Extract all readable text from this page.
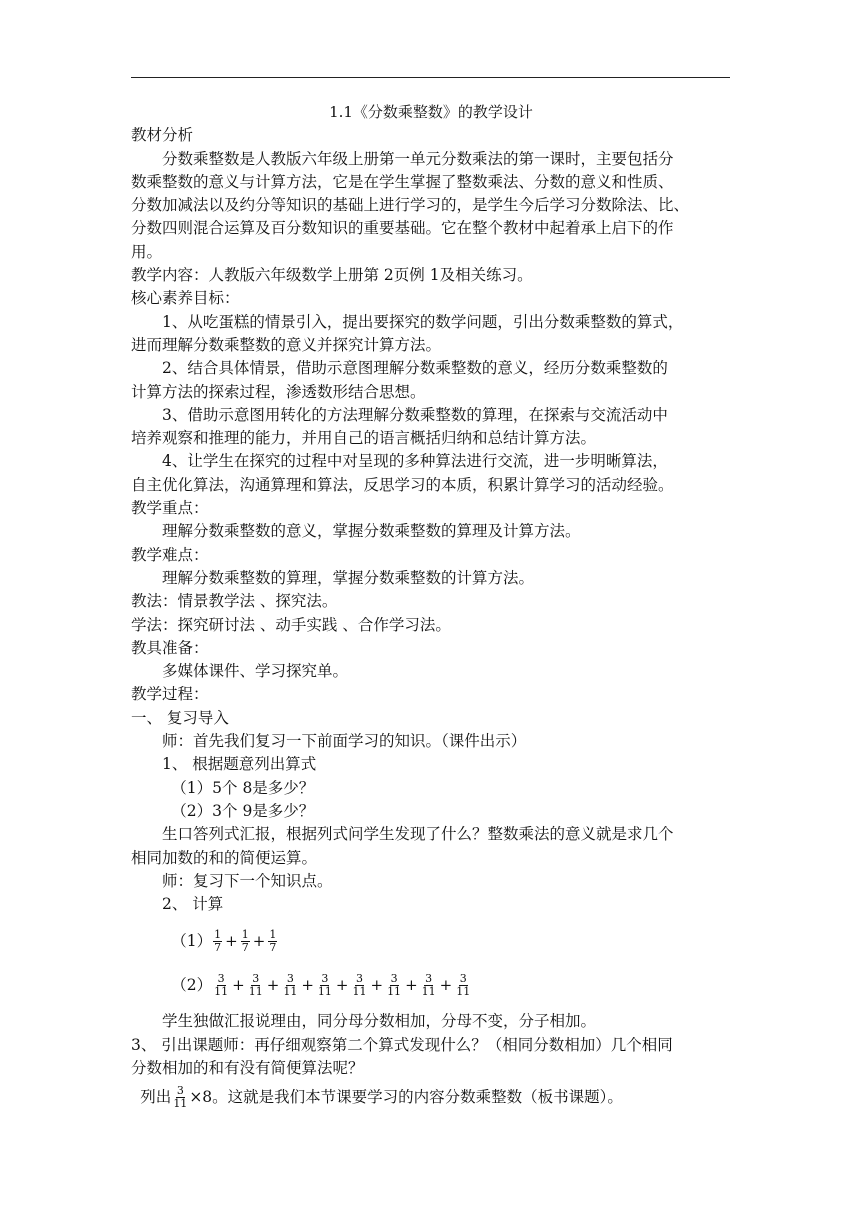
1.1《分数乘整数》的教学设计
教材分析
分数乘整数是人教版六年级上册第一单元分数乘法的第一课时，主要包括分
数乘整数的意义与计算方法，它是在学生掌握了整数乘法、分数的意义和性质、
分数加减法以及约分等知识的基础上进行学习的，是学生今后学习分数除法、比、
分数四则混合运算及百分数知识的重要基础。它在整个教材中起着承上启下的作
用。
教学内容：人教版六年级数学上册第 2页例 1及相关练习。
核心素养目标：
1、从吃蛋糕的情景引入，提出要探究的数学问题，引出分数乘整数的算式，
进而理解分数乘整数的意义并探究计算方法。
2、结合具体情景，借助示意图理解分数乘整数的意义，经历分数乘整数的
计算方法的探索过程，渗透数形结合思想。
3、借助示意图用转化的方法理解分数乘整数的算理，在探索与交流活动中
培养观察和推理的能力，并用自己的语言概括归纳和总结计算方法。
4、让学生在探究的过程中对呈现的多种算法进行交流，进一步明晰算法，
自主优化算法，沟通算理和算法，反思学习的本质，积累计算学习的活动经验。
教学重点：
理解分数乘整数的意义，掌握分数乘整数的算理及计算方法。
教学难点：
理解分数乘整数的算理，掌握分数乘整数的计算方法。
教法：情景教学法 、探究法。
学法：探究研讨法 、动手实践 、合作学习法。
教具准备：
多媒体课件、学习探究单。
教学过程：
一、 复习导入
师：首先我们复习一下前面学习的知识。（课件出示）
1、 根据题意列出算式
（1）5个 8是多少？
（2）3个 9是多少？
生口答列式汇报，根据列式问学生发现了什么？整数乘法的意义就是求几个
相同加数的和的简便运算。
师：复习下一个知识点。
2、 计算
$(1) \frac{1}{7} + \frac{1}{7} + \frac{1}{7}$
$(2) \frac{3}{11} + \frac{3}{11} + \frac{3}{11} + \frac{3}{11} + \frac{3}{11} + \frac{3}{11} + \frac{3}{11} + \frac{3}{11}$
学生独做汇报说理由，同分母分数相加，分母不变，分子相加。
3、 引出课题师：再仔细观察第二个算式发现什么？（相同分数相加）几个相同
分数相加的和有没有简便算法呢？
列出 $\frac{3}{11} \times 8$。这就是我们本节课要学习的内容分数乘整数（板书课题）。
